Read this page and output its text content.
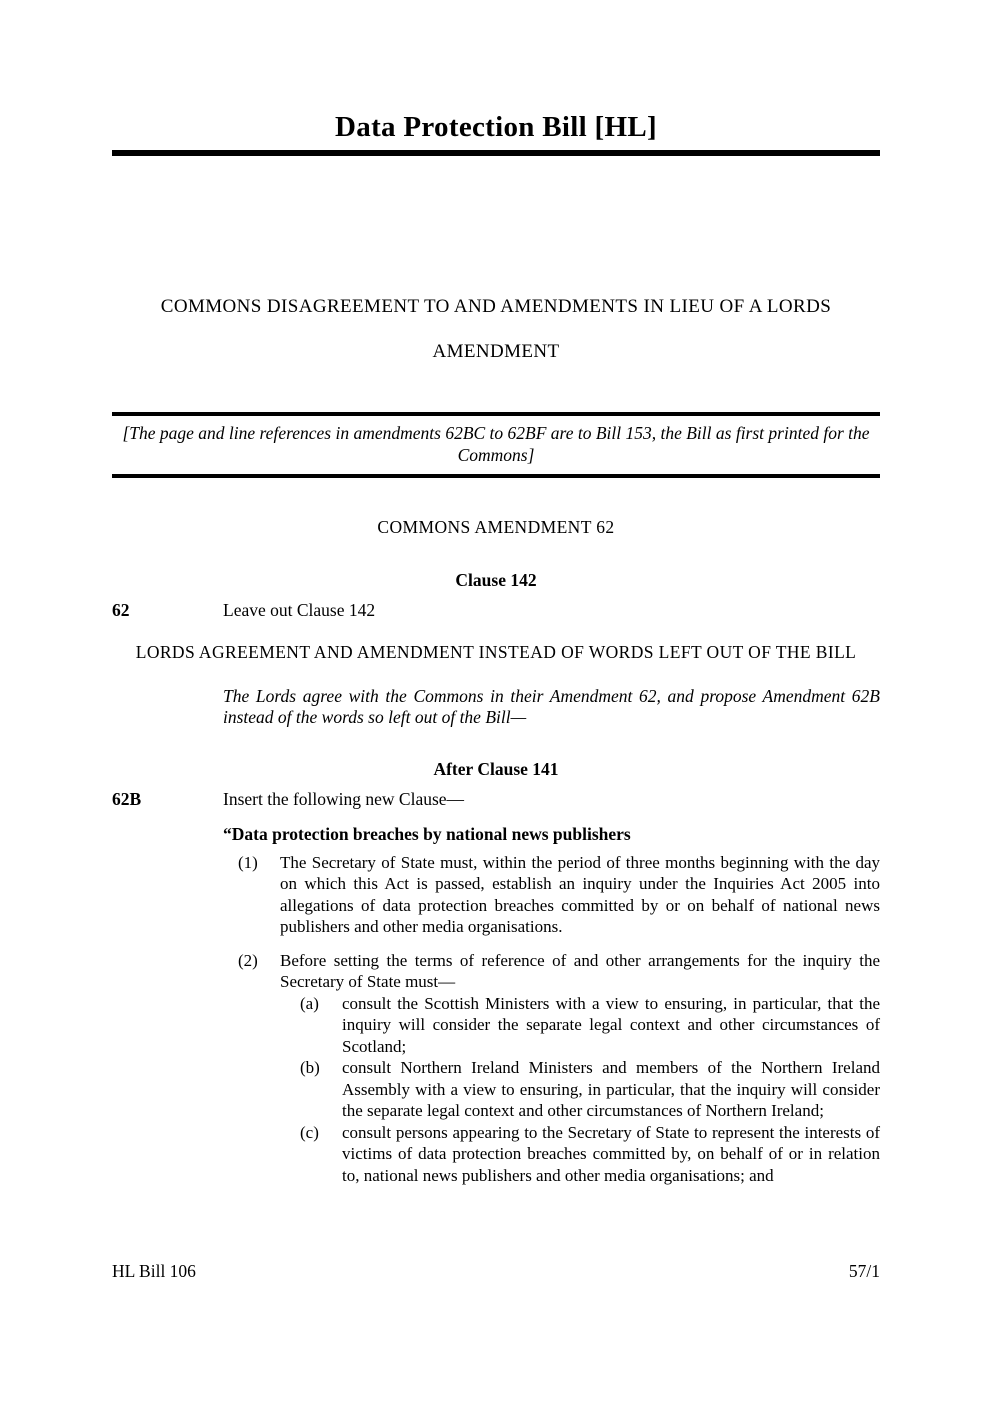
Data Protection Bill [HL]
COMMONS DISAGREEMENT TO AND AMENDMENTS IN LIEU OF A LORDS
AMENDMENT
[The page and line references in amendments 62BC to 62BF are to Bill 153, the Bill as first printed for the Commons]
COMMONS AMENDMENT 62
Clause 142
62	Leave out Clause 142
LORDS AGREEMENT AND AMENDMENT INSTEAD OF WORDS LEFT OUT OF THE BILL
The Lords agree with the Commons in their Amendment 62, and propose Amendment 62B instead of the words so left out of the Bill—
After Clause 141
62B	Insert the following new Clause—
“Data protection breaches by national news publishers
(1)	The Secretary of State must, within the period of three months beginning with the day on which this Act is passed, establish an inquiry under the Inquiries Act 2005 into allegations of data protection breaches committed by or on behalf of national news publishers and other media organisations.
(2)	Before setting the terms of reference of and other arrangements for the inquiry the Secretary of State must—
(a)	consult the Scottish Ministers with a view to ensuring, in particular, that the inquiry will consider the separate legal context and other circumstances of Scotland;
(b)	consult Northern Ireland Ministers and members of the Northern Ireland Assembly with a view to ensuring, in particular, that the inquiry will consider the separate legal context and other circumstances of Northern Ireland;
(c)	consult persons appearing to the Secretary of State to represent the interests of victims of data protection breaches committed by, on behalf of or in relation to, national news publishers and other media organisations; and
HL Bill 106	57/1
